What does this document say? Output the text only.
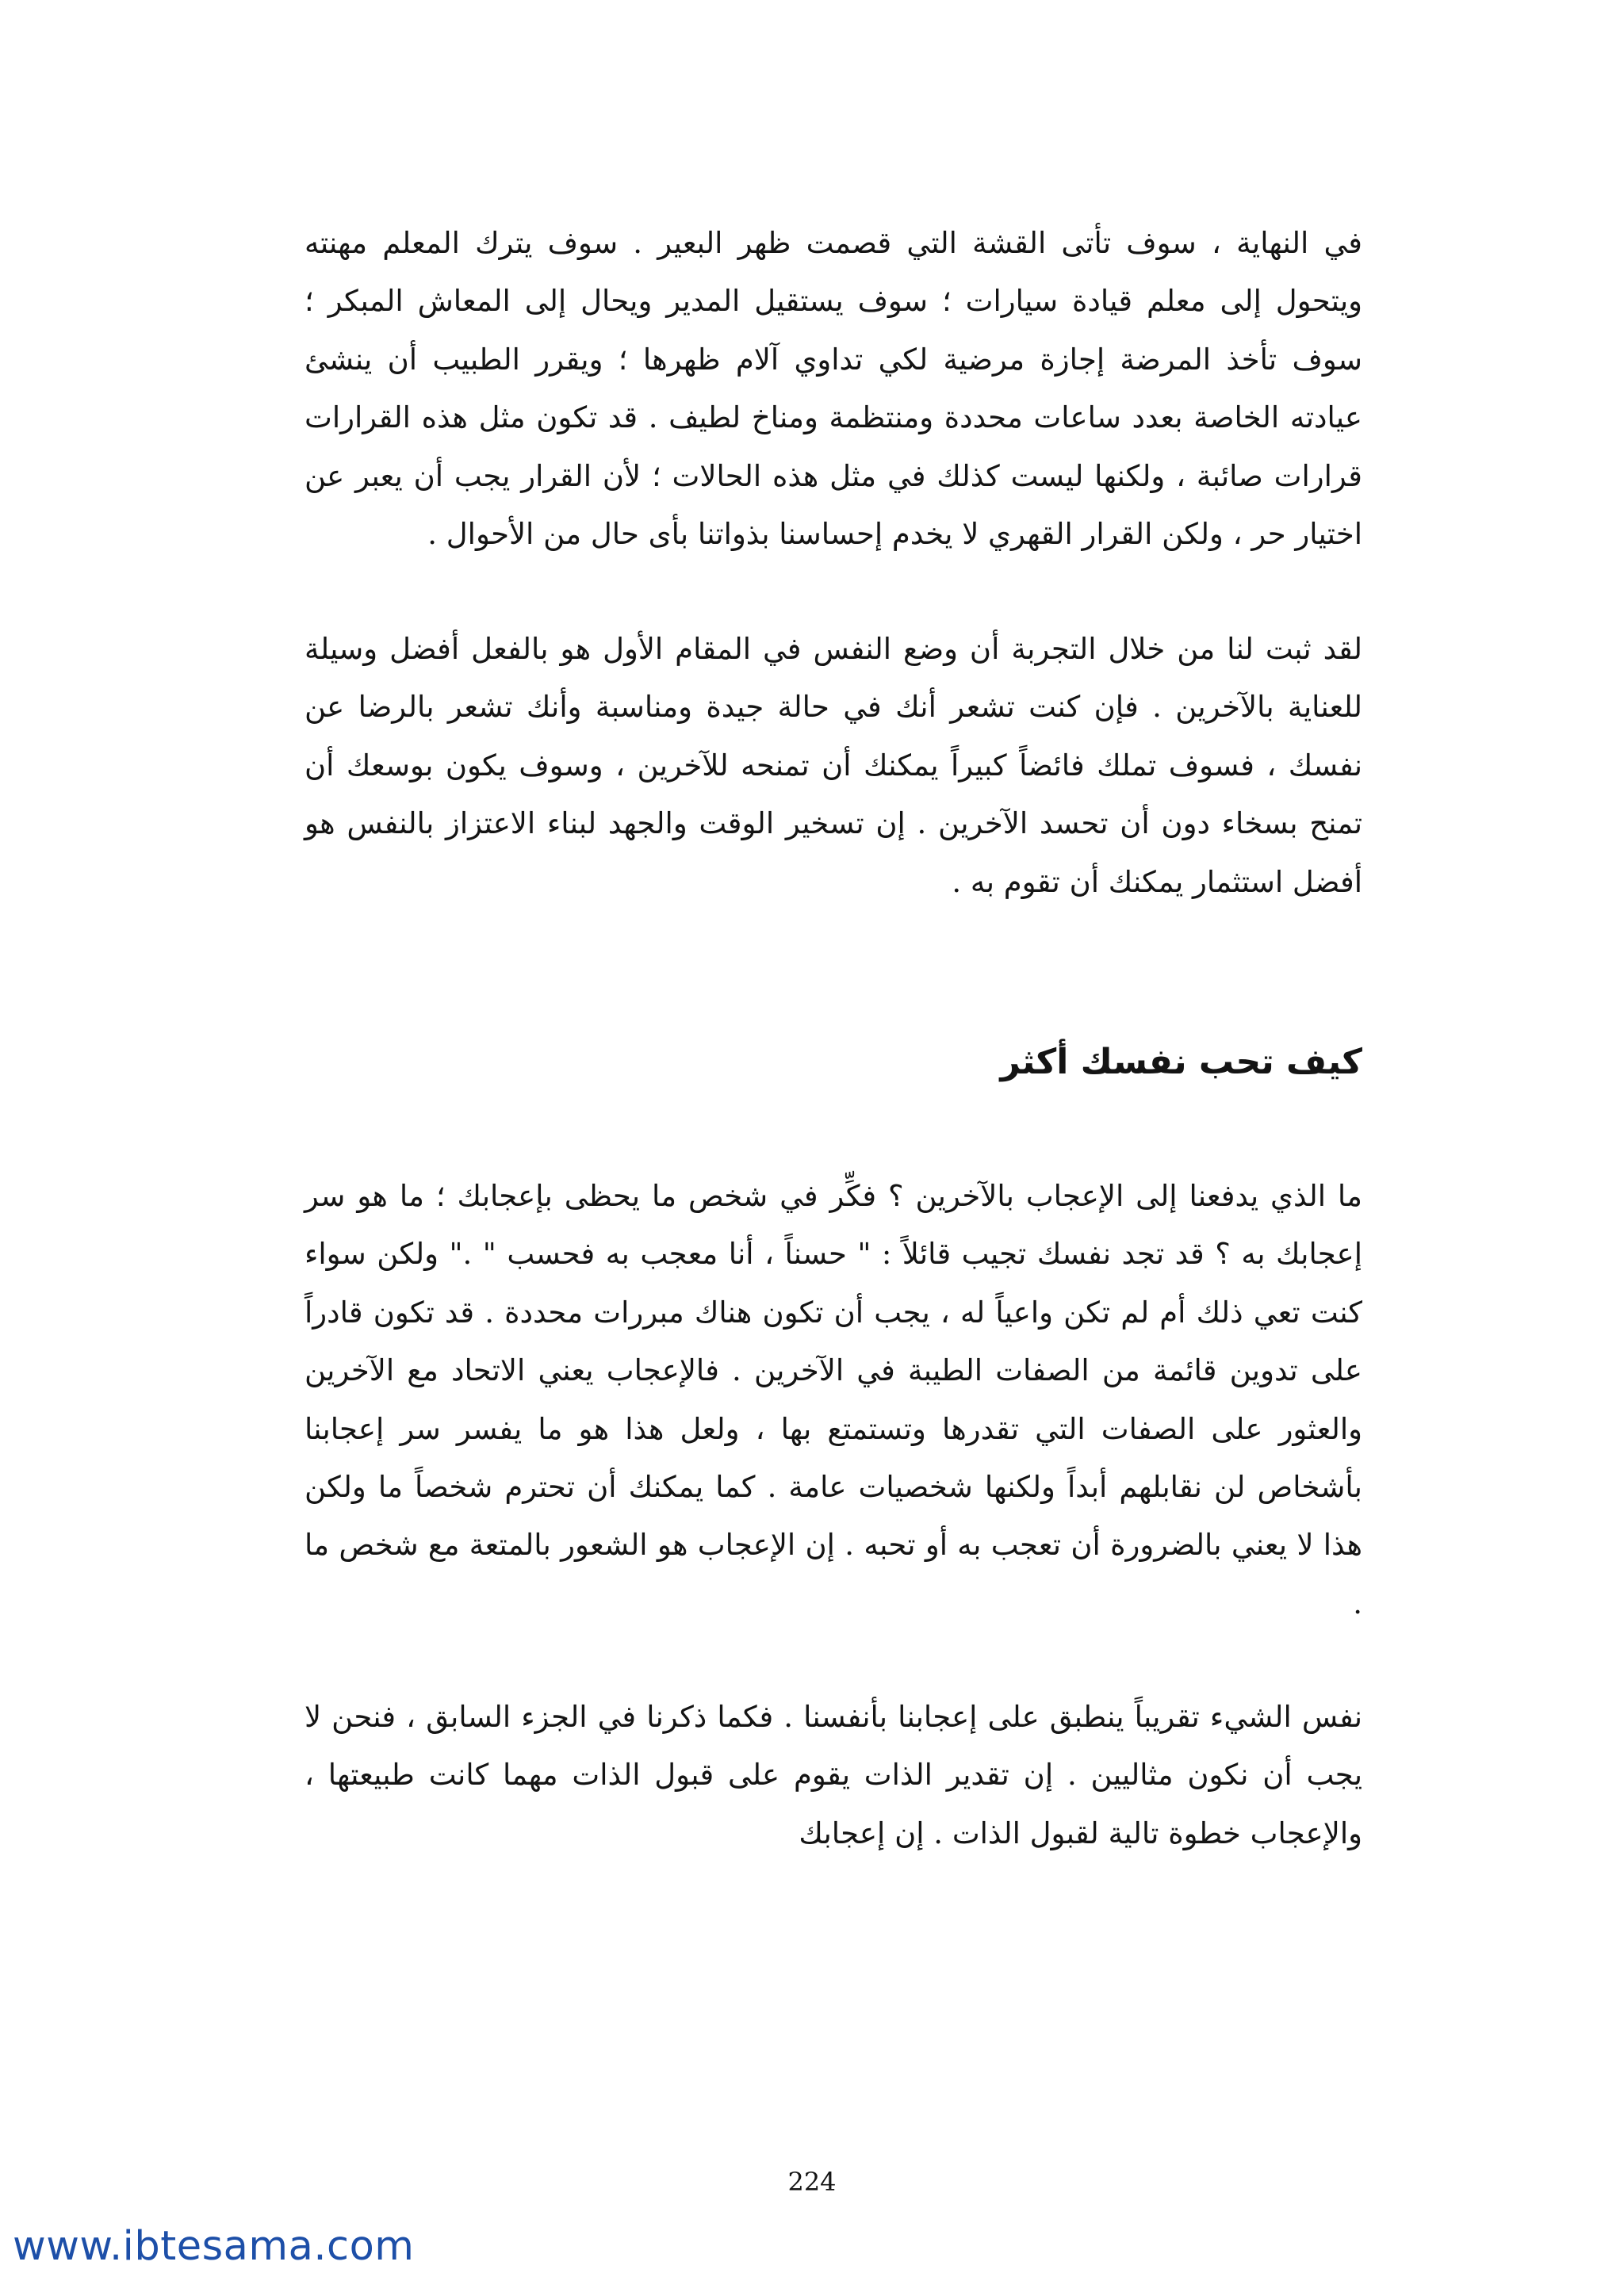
في النهاية ، سوف تأتى القشة التي قصمت ظهر البعير . سوف يترك المعلم مهنته ويتحول إلى معلم قيادة سيارات ؛ سوف يستقيل المدير ويحال إلى المعاش المبكر ؛ سوف تأخذ المرضة إجازة مرضية لكي تداوي آلام ظهرها ؛ ويقرر الطبيب أن ينشئ عيادته الخاصة بعدد ساعات محددة ومنتظمة ومناخ لطيف . قد تكون مثل هذه القرارات قرارات صائبة ، ولكنها ليست كذلك في مثل هذه الحالات ؛ لأن القرار يجب أن يعبر عن اختيار حر ، ولكن القرار القهري لا يخدم إحساسنا بذواتنا بأى حال من الأحوال .

لقد ثبت لنا من خلال التجربة أن وضع النفس في المقام الأول هو بالفعل أفضل وسيلة للعناية بالآخرين . فإن كنت تشعر أنك في حالة جيدة ومناسبة وأنك تشعر بالرضا عن نفسك ، فسوف تملك فائضاً كبيراً يمكنك أن تمنحه للآخرين ، وسوف يكون بوسعك أن تمنح بسخاء دون أن تحسد الآخرين . إن تسخير الوقت والجهد لبناء الاعتزاز بالنفس هو أفضل استثمار يمكنك أن تقوم به .

كيف تحب نفسك أكثر

ما الذي يدفعنا إلى الإعجاب بالآخرين ؟ فكِّر في شخص ما يحظى بإعجابك ؛ ما هو سر إعجابك به ؟ قد تجد نفسك تجيب قائلاً : " حسناً ، أنا معجب به فحسب " ." ولكن سواء كنت تعي ذلك أم لم تكن واعياً له ، يجب أن تكون هناك مبررات محددة . قد تكون قادراً على تدوين قائمة من الصفات الطيبة في الآخرين . فالإعجاب يعني الاتحاد مع الآخرين والعثور على الصفات التي تقدرها وتستمتع بها ، ولعل هذا هو ما يفسر سر إعجابنا بأشخاص لن نقابلهم أبداً ولكنها شخصيات عامة . كما يمكنك أن تحترم شخصاً ما ولكن هذا لا يعني بالضرورة أن تعجب به أو تحبه . إن الإعجاب هو الشعور بالمتعة مع شخص ما .

نفس الشيء تقريباً ينطبق على إعجابنا بأنفسنا . فكما ذكرنا في الجزء السابق ، فنحن لا يجب أن نكون مثاليين . إن تقدير الذات يقوم على قبول الذات مهما كانت طبيعتها ، والإعجاب خطوة تالية لقبول الذات . إن إعجابك

224
www.ibtesama.com
